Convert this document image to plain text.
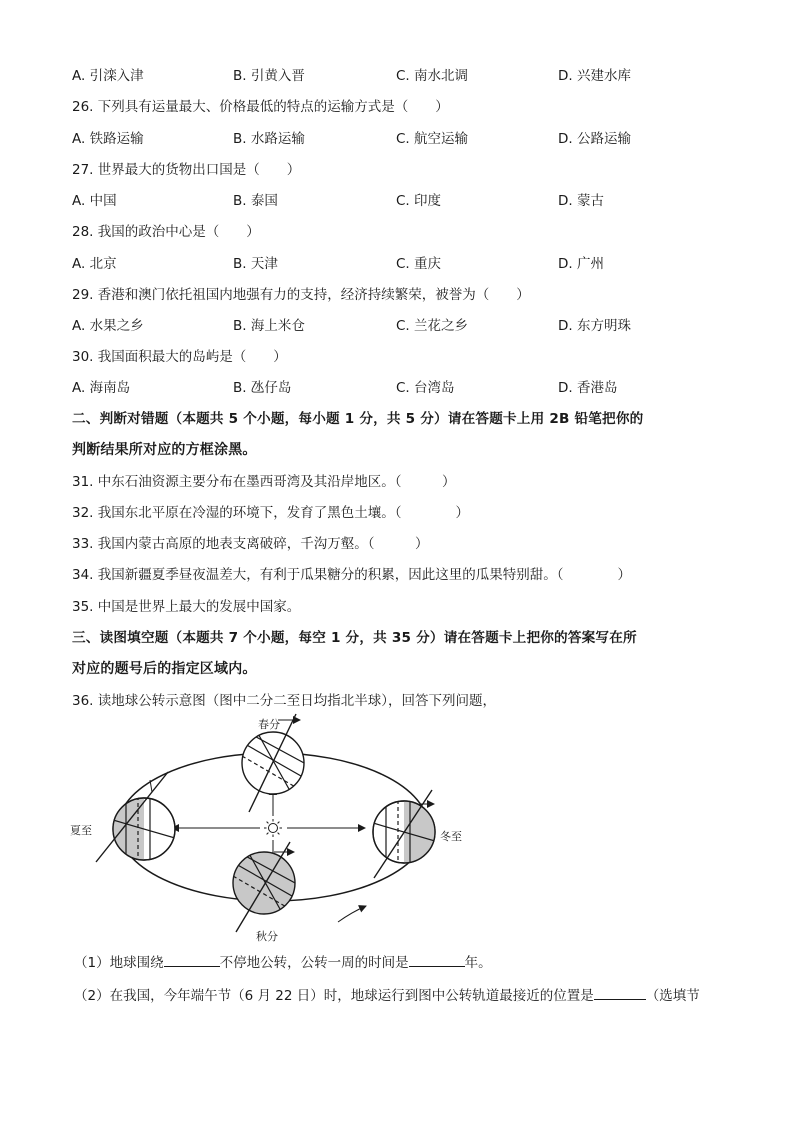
A. 引滦入津	B. 引黄入晋	C. 南水北调	D. 兴建水库
26. 下列具有运量最大、价格最低的特点的运输方式是（　　）
A. 铁路运输	B. 水路运输	C. 航空运输	D. 公路运输
27. 世界最大的货物出口国是（　　）
A. 中国	B. 泰国	C. 印度	D. 蒙古
28. 我国的政治中心是（　　）
A. 北京	B. 天津	C. 重庆	D. 广州
29. 香港和澳门依托祖国内地强有力的支持，经济持续繁荣，被誉为（　　）
A. 水果之乡	B. 海上米仓	C. 兰花之乡	D. 东方明珠
30. 我国面积最大的岛屿是（　　）
A. 海南岛	B. 氹仔岛	C. 台湾岛	D. 香港岛
二、判断对错题（本题共 5 个小题，每小题 1 分，共 5 分）请在答题卡上用 2B 铅笔把你的
判断结果所对应的方框涂黑。
31. 中东石油资源主要分布在墨西哥湾及其沿岸地区。（　　　）
32. 我国东北平原在冷湿的环境下，发育了黑色土壤。（　　　　）
33. 我国内蒙古高原的地表支离破碎，千沟万壑。（　　　）
34. 我国新疆夏季昼夜温差大，有利于瓜果糖分的积累，因此这里的瓜果特别甜。（　　　　）
35. 中国是世界上最大的发展中国家。
三、读图填空题（本题共 7 个小题，每空 1 分，共 35 分）请在答题卡上把你的答案写在所
对应的题号后的指定区域内。
36. 读地球公转示意图（图中二分二至日均指北半球），回答下列问题，
春分
夏至	冬至
秋分
（1）地球围绕	不停地公转，公转一周的时间是	年。
（2）在我国，今年端午节（6 月 22 日）时，地球运行到图中公转轨道最接近的位置是	（选填节
